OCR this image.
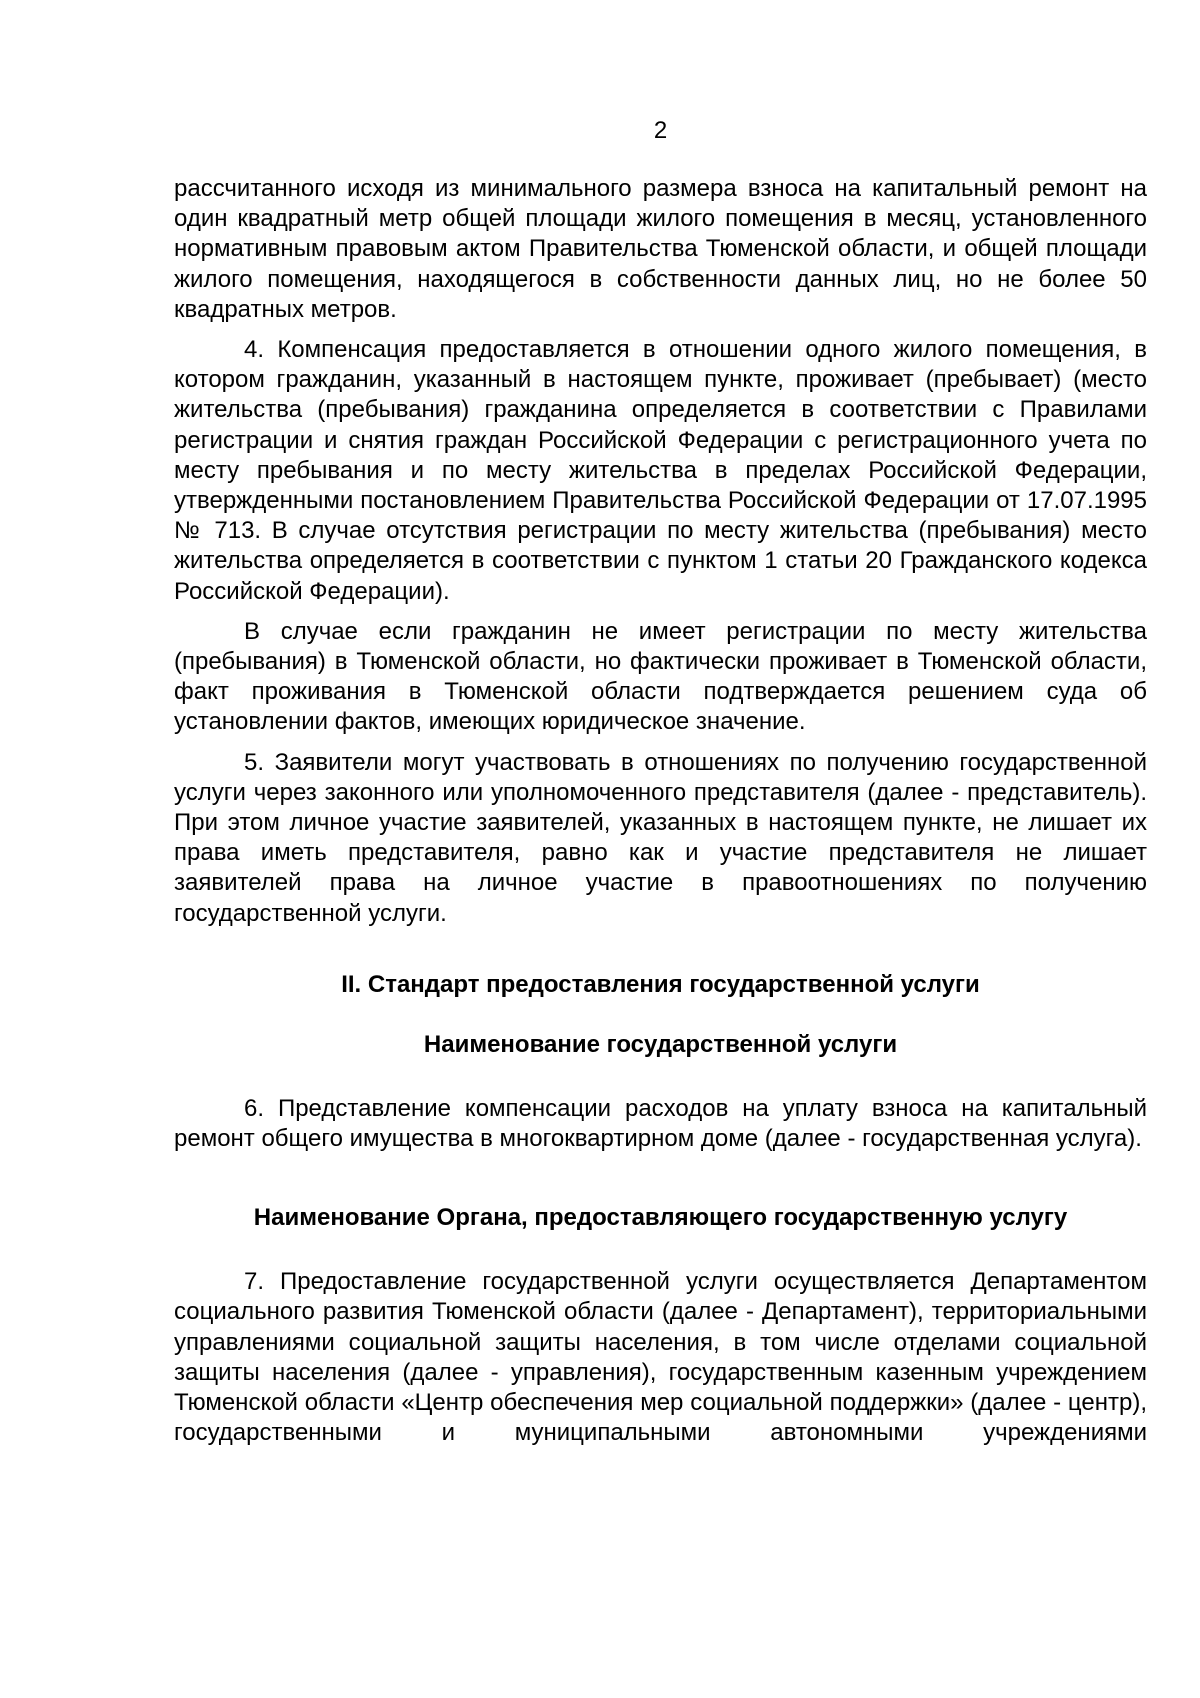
2

рассчитанного исходя из минимального размера взноса на капитальный ремонт на один квадратный метр общей площади жилого помещения в месяц, установленного нормативным правовым актом Правительства Тюменской области, и общей площади жилого помещения, находящегося в собственности данных лиц, но не более 50 квадратных метров.

4. Компенсация предоставляется в отношении одного жилого помещения, в котором гражданин, указанный в настоящем пункте, проживает (пребывает) (место жительства (пребывания) гражданина определяется в соответствии с Правилами регистрации и снятия граждан Российской Федерации с регистрационного учета по месту пребывания и по месту жительства в пределах Российской Федерации, утвержденными постановлением Правительства Российской Федерации от 17.07.1995 № 713. В случае отсутствия регистрации по месту жительства (пребывания) место жительства определяется в соответствии с пунктом 1 статьи 20 Гражданского кодекса Российской Федерации).

В случае если гражданин не имеет регистрации по месту жительства (пребывания) в Тюменской области, но фактически проживает в Тюменской области, факт проживания в Тюменской области подтверждается решением суда об установлении фактов, имеющих юридическое значение.

5. Заявители могут участвовать в отношениях по получению государственной услуги через законного или уполномоченного представителя (далее - представитель). При этом личное участие заявителей, указанных в настоящем пункте, не лишает их права иметь представителя, равно как и участие представителя не лишает заявителей права на личное участие в правоотношениях по получению государственной услуги.

II. Стандарт предоставления государственной услуги
Наименование государственной услуги

6. Представление компенсации расходов на уплату взноса на капитальный ремонт общего имущества в многоквартирном доме (далее - государственная услуга).

Наименование Органа, предоставляющего государственную услугу

7. Предоставление государственной услуги осуществляется Департаментом социального развития Тюменской области (далее - Департамент), территориальными управлениями социальной защиты населения, в том числе отделами социальной защиты населения (далее - управления), государственным казенным учреждением Тюменской области «Центр обеспечения мер социальной поддержки» (далее - центр), государственными и муниципальными автономными учреждениями
